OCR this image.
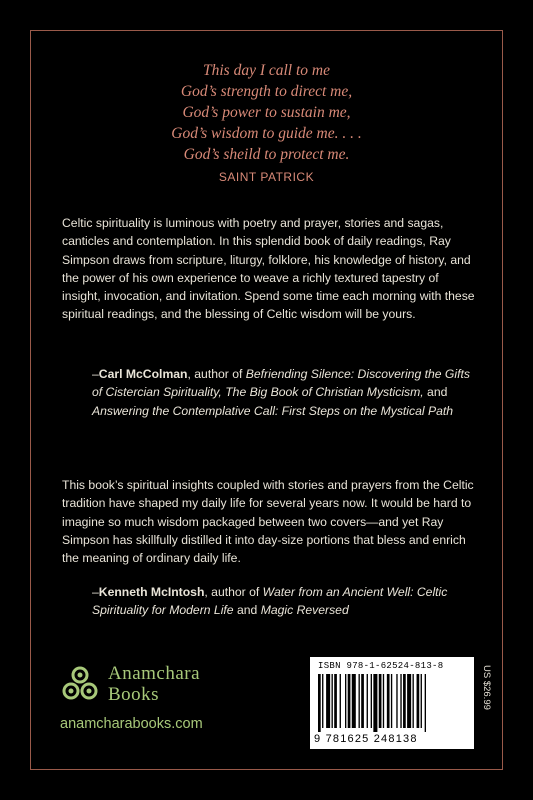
This day I call to me
God’s strength to direct me,
God’s power to sustain me,
God’s wisdom to guide me. . . .
God’s sheild to protect me.
SAINT PATRICK
Celtic spirituality is luminous with poetry and prayer, stories and sagas, canticles and contemplation. In this splendid book of daily readings, Ray Simpson draws from scripture, liturgy, folklore, his knowledge of history, and the power of his own experience to weave a richly textured tapestry of insight, invocation, and invitation. Spend some time each morning with these spiritual readings, and the blessing of Celtic wisdom will be yours.
–Carl McColman, author of Befriending Silence: Discovering the Gifts of Cistercian Spirituality, The Big Book of Christian Mysticism, and Answering the Contemplative Call: First Steps on the Mystical Path
This book’s spiritual insights coupled with stories and prayers from the Celtic tradition have shaped my daily life for several years now. It would be hard to imagine so much wisdom packaged between two covers—and yet Ray Simpson has skillfully distilled it into day-size portions that bless and enrich the meaning of ordinary daily life.
–Kenneth McIntosh, author of Water from an Ancient Well: Celtic Spirituality for Modern Life and Magic Reversed
Anamchara
Books
anamcharabooks.com
ISBN 978-1-62524-813-8
9 781625 248138
US $26.99
